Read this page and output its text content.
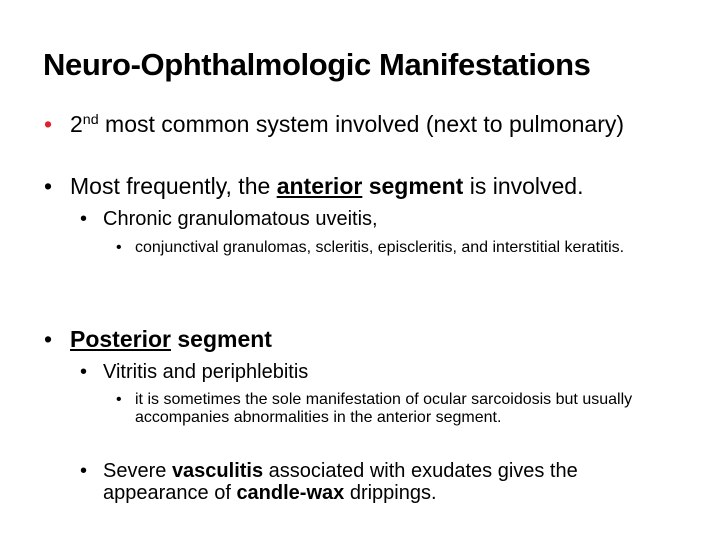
Neuro-Ophthalmologic Manifestations
• 2nd most common system involved (next to pulmonary)
• Most frequently, the anterior segment is involved.
• Chronic granulomatous uveitis,
• conjunctival granulomas, scleritis, episcleritis, and interstitial keratitis.
• Posterior segment
• Vitritis and periphlebitis
• it is sometimes the sole manifestation of ocular sarcoidosis but usually accompanies abnormalities in the anterior segment.
• Severe vasculitis associated with exudates gives the appearance of candle-wax drippings.
